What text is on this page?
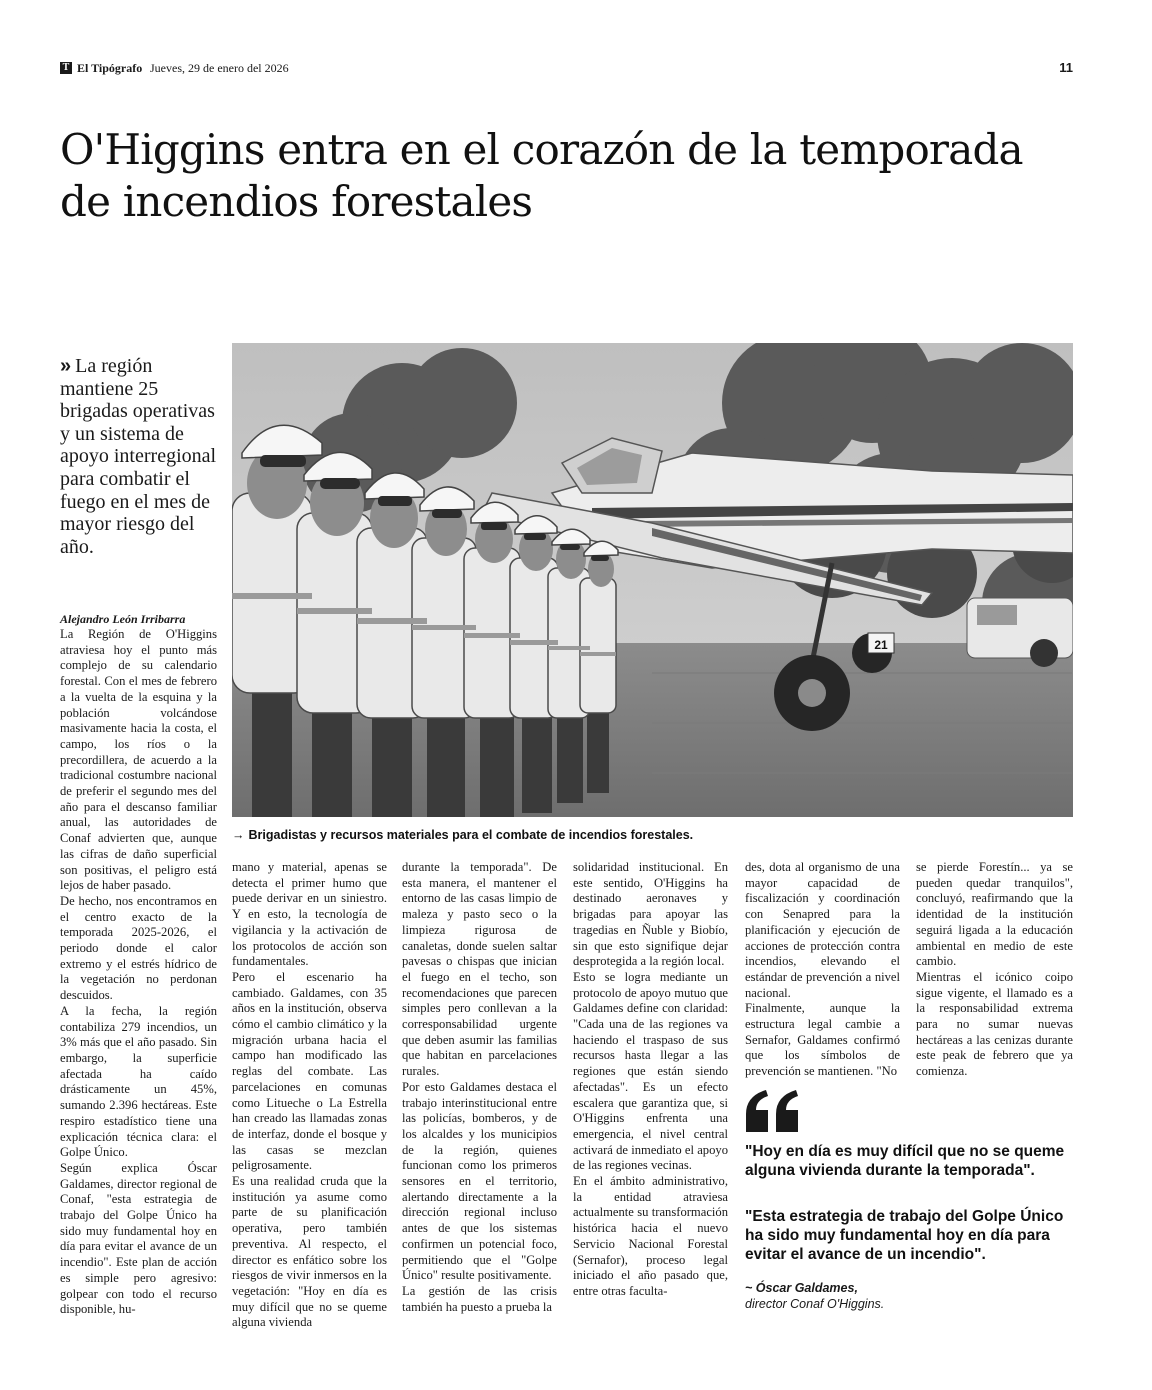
T El Tipógrafo Jueves, 29 de enero del 2026	11
O'Higgins entra en el corazón de la temporada de incendios forestales

» La región mantiene 25 brigadas operativas y un sistema de apoyo interregional para combatir el fuego en el mes de mayor riesgo del año.

21
→ Brigadistas y recursos materiales para el combate de incendios forestales.
Alejandro León Irribarra

La Región de O'Higgins atraviesa hoy el punto más complejo de su calendario forestal. Con el mes de febrero a la vuelta de la esquina y la población volcándose masivamente hacia la costa, el campo, los ríos o la precordillera, de acuerdo a la tradicional costumbre nacional de preferir el segundo mes del año para el descanso familiar anual, las autoridades de Conaf advierten que, aunque las cifras de daño superficial son positivas, el peligro está lejos de haber pasado.

De hecho, nos encontramos en el centro exacto de la temporada 2025-2026, el periodo donde el calor extremo y el estrés hídrico de la vegetación no perdonan descuidos.

A la fecha, la región contabiliza 279 incendios, un 3% más que el año pasado. Sin embargo, la superficie afectada ha caído drásticamente un 45%, sumando 2.396 hectáreas. Este respiro estadístico tiene una explicación técnica clara: el Golpe Único.

Según explica Óscar Galdames, director regional de Conaf, "esta estrategia de trabajo del Golpe Único ha sido muy fundamental hoy en día para evitar el avance de un incendio". Este plan de acción es simple pero agresivo: golpear con todo el recurso disponible, hu-

mano y material, apenas se detecta el primer humo que puede derivar en un siniestro. Y en esto, la tecnología de vigilancia y la activación de los protocolos de acción son fundamentales.

Pero el escenario ha cambiado. Galdames, con 35 años en la institución, observa cómo el cambio climático y la migración urbana hacia el campo han modificado las reglas del combate. Las parcelaciones en comunas como Litueche o La Estrella han creado las llamadas zonas de interfaz, donde el bosque y las casas se mezclan peligrosamente.

Es una realidad cruda que la institución ya asume como parte de su planificación operativa, pero también preventiva. Al respecto, el director es enfático sobre los riesgos de vivir inmersos en la vegetación: "Hoy en día es muy difícil que no se queme alguna vivienda

durante la temporada". De esta manera, el mantener el entorno de las casas limpio de maleza y pasto seco o la limpieza rigurosa de canaletas, donde suelen saltar pavesas o chispas que inician el fuego en el techo, son recomendaciones que parecen simples pero conllevan a la corresponsabilidad urgente que deben asumir las familias que habitan en parcelaciones rurales.

Por esto Galdames destaca el trabajo interinstitucional entre las policías, bomberos, y de los alcaldes y los municipios de la región, quienes funcionan como los primeros sensores en el territorio, alertando directamente a la dirección regional incluso antes de que los sistemas confirmen un potencial foco, permitiendo que el "Golpe Único" resulte positivamente.

La gestión de las crisis también ha puesto a prueba la

solidaridad institucional. En este sentido, O'Higgins ha destinado aeronaves y brigadas para apoyar las tragedias en Ñuble y Biobío, sin que esto signifique dejar desprotegida a la región local.

Esto se logra mediante un protocolo de apoyo mutuo que Galdames define con claridad: "Cada una de las regiones va haciendo el traspaso de sus recursos hasta llegar a las regiones que están siendo afectadas". Es un efecto escalera que garantiza que, si O'Higgins enfrenta una emergencia, el nivel central activará de inmediato el apoyo de las regiones vecinas.

En el ámbito administrativo, la entidad atraviesa actualmente su transformación histórica hacia el nuevo Servicio Nacional Forestal (Sernafor), proceso legal iniciado el año pasado que, entre otras faculta-

des, dota al organismo de una mayor capacidad de fiscalización y coordinación con Senapred para la planificación y ejecución de acciones de protección contra incendios, elevando el estándar de prevención a nivel nacional.

Finalmente, aunque la estructura legal cambie a Sernafor, Galdames confirmó que los símbolos de prevención se mantienen. "No

se pierde Forestín... ya se pueden quedar tranquilos", concluyó, reafirmando que la identidad de la institución seguirá ligada a la educación ambiental en medio de este cambio.

Mientras el icónico coipo sigue vigente, el llamado es a la responsabilidad extrema para no sumar nuevas hectáreas a las cenizas durante este peak de febrero que ya comienza.

"Hoy en día es muy difícil que no se queme alguna vivienda durante la temporada".

"Esta estrategia de trabajo del Golpe Único ha sido muy fundamental hoy en día para evitar el avance de un incendio".

~ Óscar Galdames,
director Conaf O'Higgins.
